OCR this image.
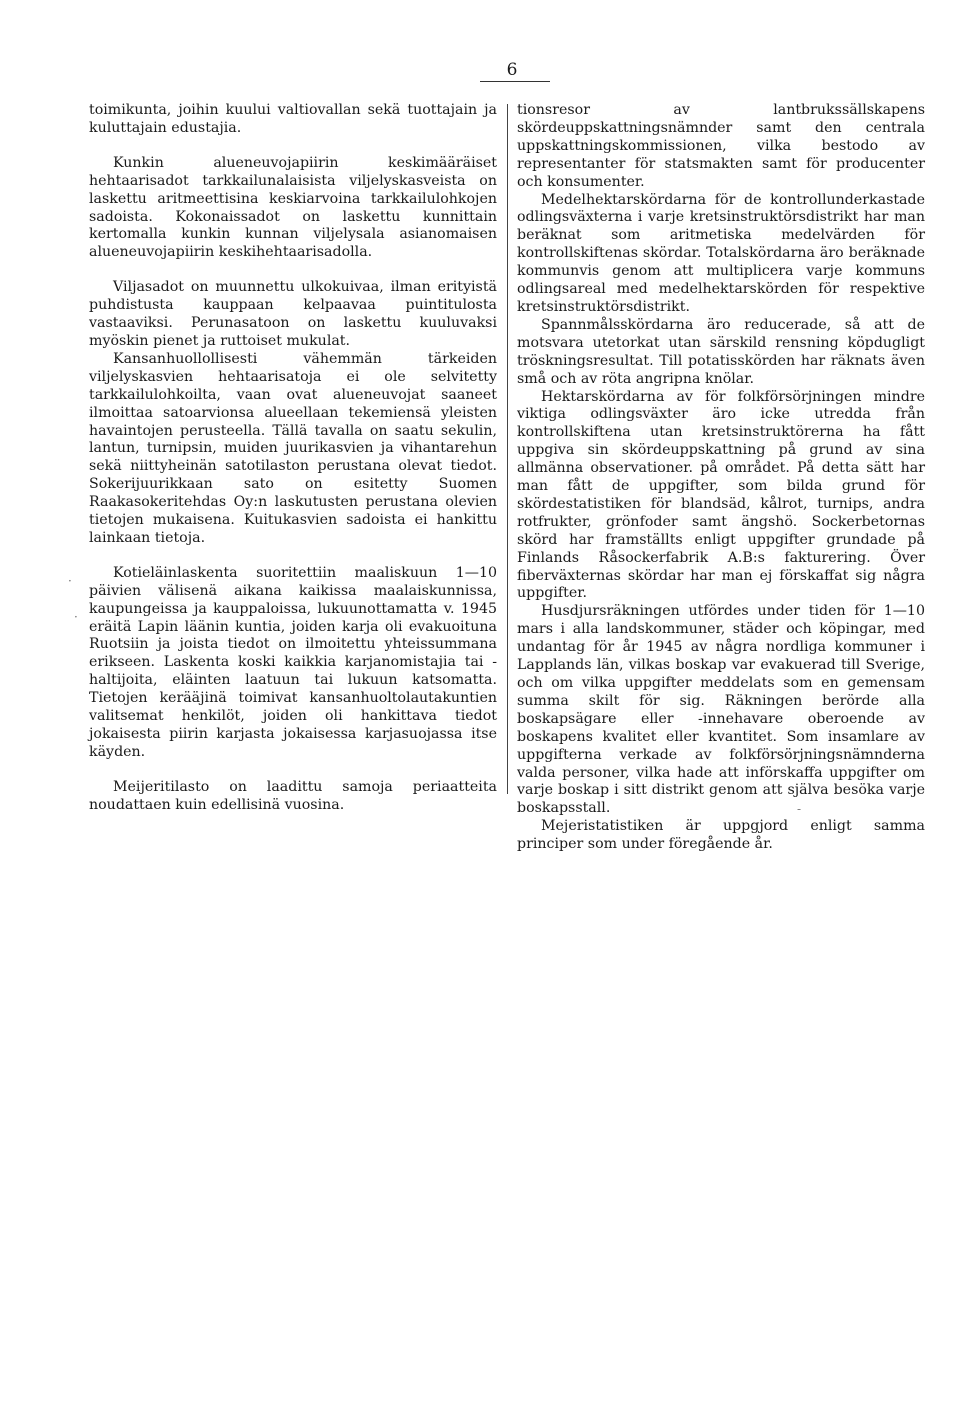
6

toimikunta, joihin kuului valtiovallan sekä tuottajain ja kuluttajain edustajia.

Kunkin alueneuvojapiirin keskimääräiset hehtaarisadot tarkkailunalaisista viljelyskasveista on laskettu aritmeettisina keskiarvoina tarkkailulohkojen sadoista. Kokonaissadot on laskettu kunnittain kertomalla kunkin kunnan viljelysala asianomaisen alueneuvojapiirin keskihehtaarisadolla.

Viljasadot on muunnettu ulkokuivaa, ilman erityistä puhdistusta kauppaan kelpaavaa puintitulosta vastaaviksi. Perunasatoon on laskettu kuuluvaksi myöskin pienet ja ruttoiset mukulat.

Kansanhuollollisesti vähemmän tärkeiden viljelyskasvien hehtaarisatoja ei ole selvitetty tarkkailulohkoilta, vaan ovat alueneuvojat saaneet ilmoittaa satoarvionsa alueellaan tekemiensä yleisten havaintojen perusteella. Tällä tavalla on saatu sekulin, lantun, turnipsin, muiden juurikasvien ja vihantarehun sekä niittyheinän satotilaston perustana olevat tiedot. Sokerijuurikkaan sato on esitetty Suomen Raakasokeritehdas Oy:n laskutusten perustana olevien tietojen mukaisena. Kuitukasvien sadoista ei hankittu lainkaan tietoja.

Kotieläinlaskenta suoritettiin maaliskuun 1—10 päivien välisenä aikana kaikissa maalaiskunnissa, kaupungeissa ja kauppaloissa, lukuunottamatta v. 1945 eräitä Lapin läänin kuntia, joiden karja oli evakuoituna Ruotsiin ja joista tiedot on ilmoitettu yhteissummana erikseen. Laskenta koski kaikkia karjanomistajia tai -haltijoita, eläinten laatuun tai lukuun katsomatta. Tietojen kerääjinä toimivat kansanhuoltolautakuntien valitsemat henkilöt, joiden oli hankittava tiedot jokaisesta piirin karjasta jokaisessa karjasuojassa itse käyden.

Meijeritilasto on laadittu samoja periaatteita noudattaen kuin edellisinä vuosina.

tionsresor av lantbrukssällskapens skördeuppskattningsnämnder samt den centrala uppskattningskommissionen, vilka bestodo av representanter för statsmakten samt för producenter och konsumenter.

Medelhektarskördarna för de kontrollunderkastade odlingsväxterna i varje kretsinstruktörsdistrikt har man beräknat som aritmetiska medelvärden för kontrollskiftenas skördar. Totalskördarna äro beräknade kommunvis genom att multiplicera varje kommuns odlingsareal med medelhektarskörden för respektive kretsinstruktörsdistrikt.

Spannmålsskördarna äro reducerade, så att de motsvara utetorkat utan särskild rensning köpdugligt tröskningsresultat. Till potatisskörden har räknats även små och av röta angripna knölar.

Hektarskördarna av för folkförsörjningen mindre viktiga odlingsväxter äro icke utredda från kontrollskiftena utan kretsinstruktörerna ha fått uppgiva sin skördeuppskattning på grund av sina allmänna observationer. på området. På detta sätt har man fått de uppgifter, som bilda grund för skördestatistiken för blandsäd, kålrot, turnips, andra rotfrukter, grönfoder samt ängshö. Sockerbetornas skörd har framställts enligt uppgifter grundade på Finlands Råsockerfabrik A.B:s fakturering. Över fiberväxternas skördar har man ej förskaffat sig några uppgifter.

Husdjursräkningen utfördes under tiden för 1—10 mars i alla landskommuner, städer och köpingar, med undantag för år 1945 av några nordliga kommuner i Lapplands län, vilkas boskap var evakuerad till Sverige, och om vilka uppgifter meddelats som en gemensam summa skilt för sig. Räkningen berörde alla boskapsägare eller -innehavare oberoende av boskapens kvalitet eller kvantitet. Som insamlare av uppgifterna verkade av folkförsörjningsnämnderna valda personer, vilka hade att införskaffa uppgifter om varje boskap i sitt distrikt genom att själva besöka varje boskapsstall.

Mejeristatistiken är uppgjord enligt samma principer som under föregående år.

-
·
·
